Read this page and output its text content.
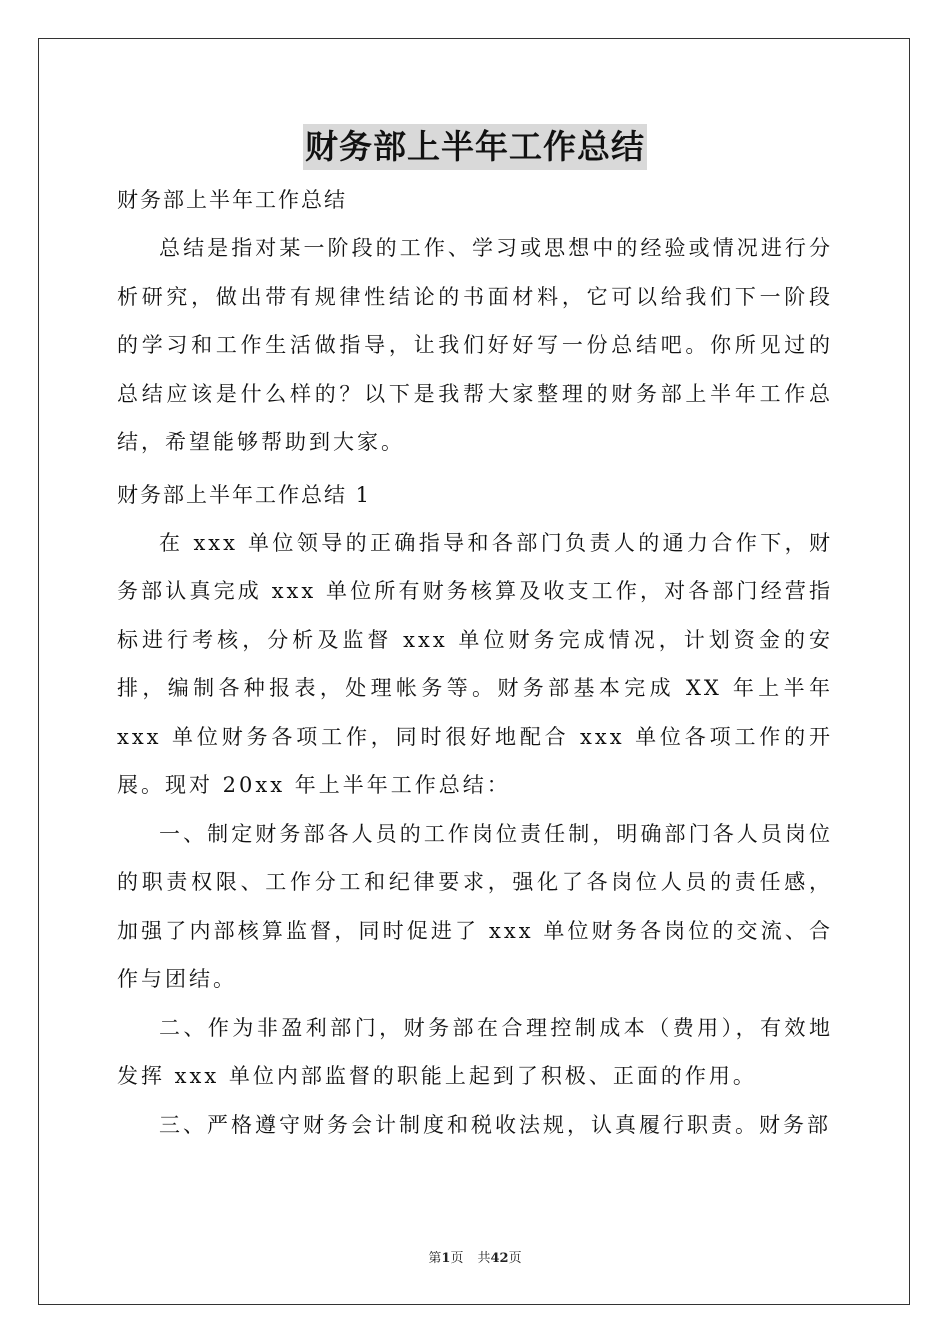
财务部上半年工作总结

财务部上半年工作总结

总结是指对某一阶段的工作、学习或思想中的经验或情况进行分析研究，做出带有规律性结论的书面材料，它可以给我们下一阶段的学习和工作生活做指导，让我们好好写一份总结吧。你所见过的总结应该是什么样的？以下是我帮大家整理的财务部上半年工作总结，希望能够帮助到大家。

财务部上半年工作总结 1

在 xxx 单位领导的正确指导和各部门负责人的通力合作下，财务部认真完成 xxx 单位所有财务核算及收支工作，对各部门经营指标进行考核，分析及监督 xxx 单位财务完成情况，计划资金的安排，编制各种报表，处理帐务等。财务部基本完成 XX 年上半年 xxx 单位财务各项工作，同时很好地配合 xxx 单位各项工作的开展。现对 20xx 年上半年工作总结：

一、制定财务部各人员的工作岗位责任制，明确部门各人员岗位的职责权限、工作分工和纪律要求，强化了各岗位人员的责任感，加强了内部核算监督，同时促进了 xxx 单位财务各岗位的交流、合作与团结。

二、作为非盈利部门，财务部在合理控制成本（费用），有效地发挥 xxx 单位内部监督的职能上起到了积极、正面的作用。

三、严格遵守财务会计制度和税收法规，认真履行职责。财务部

第1页 共42页
